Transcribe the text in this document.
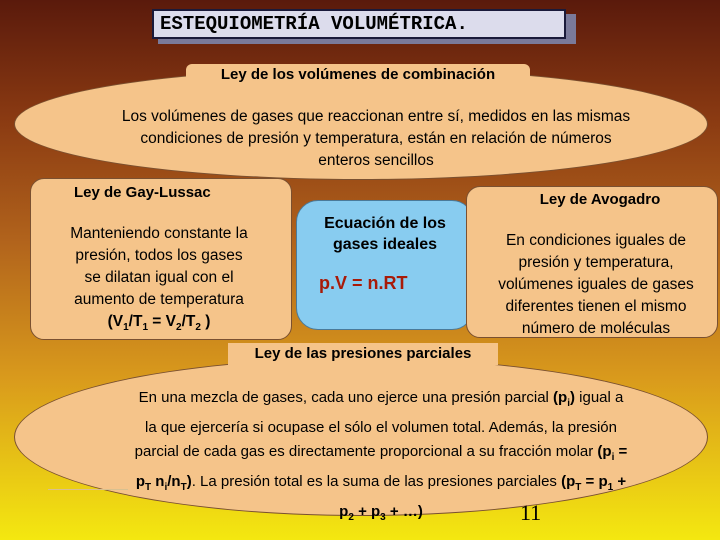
ESTEQUIOMETRÍA VOLUMÉTRICA.
Ley de los volúmenes de combinación
Los volúmenes de gases que reaccionan entre sí, medidos en las mismas
condiciones de presión y temperatura, están en relación de números
enteros sencillos
Ley de Gay-Lussac
Manteniendo constante la
presión, todos los gases
se dilatan igual con el
aumento de temperatura
($V_1/T_1 = V_2/T_2$ )
Ecuación de los
gases ideales
p.V = n.RT
Ley de Avogadro
En condiciones iguales de
presión y temperatura,
volúmenes iguales de gases
diferentes tienen el mismo
número de moléculas
Ley de las presiones parciales
En una mezcla de gases, cada uno ejerce una presión parcial $(p_i)$ igual a
la que ejercería si ocupase el sólo el volumen total. Además, la presión
parcial de cada gas es directamente proporcional a su fracción molar ($p_i$ =
$p_T$ $n_i/n_T$). La presión total es la suma de las presiones parciales ($p_T = p_1$ +
$p_2 + p_3$ + …)	11
